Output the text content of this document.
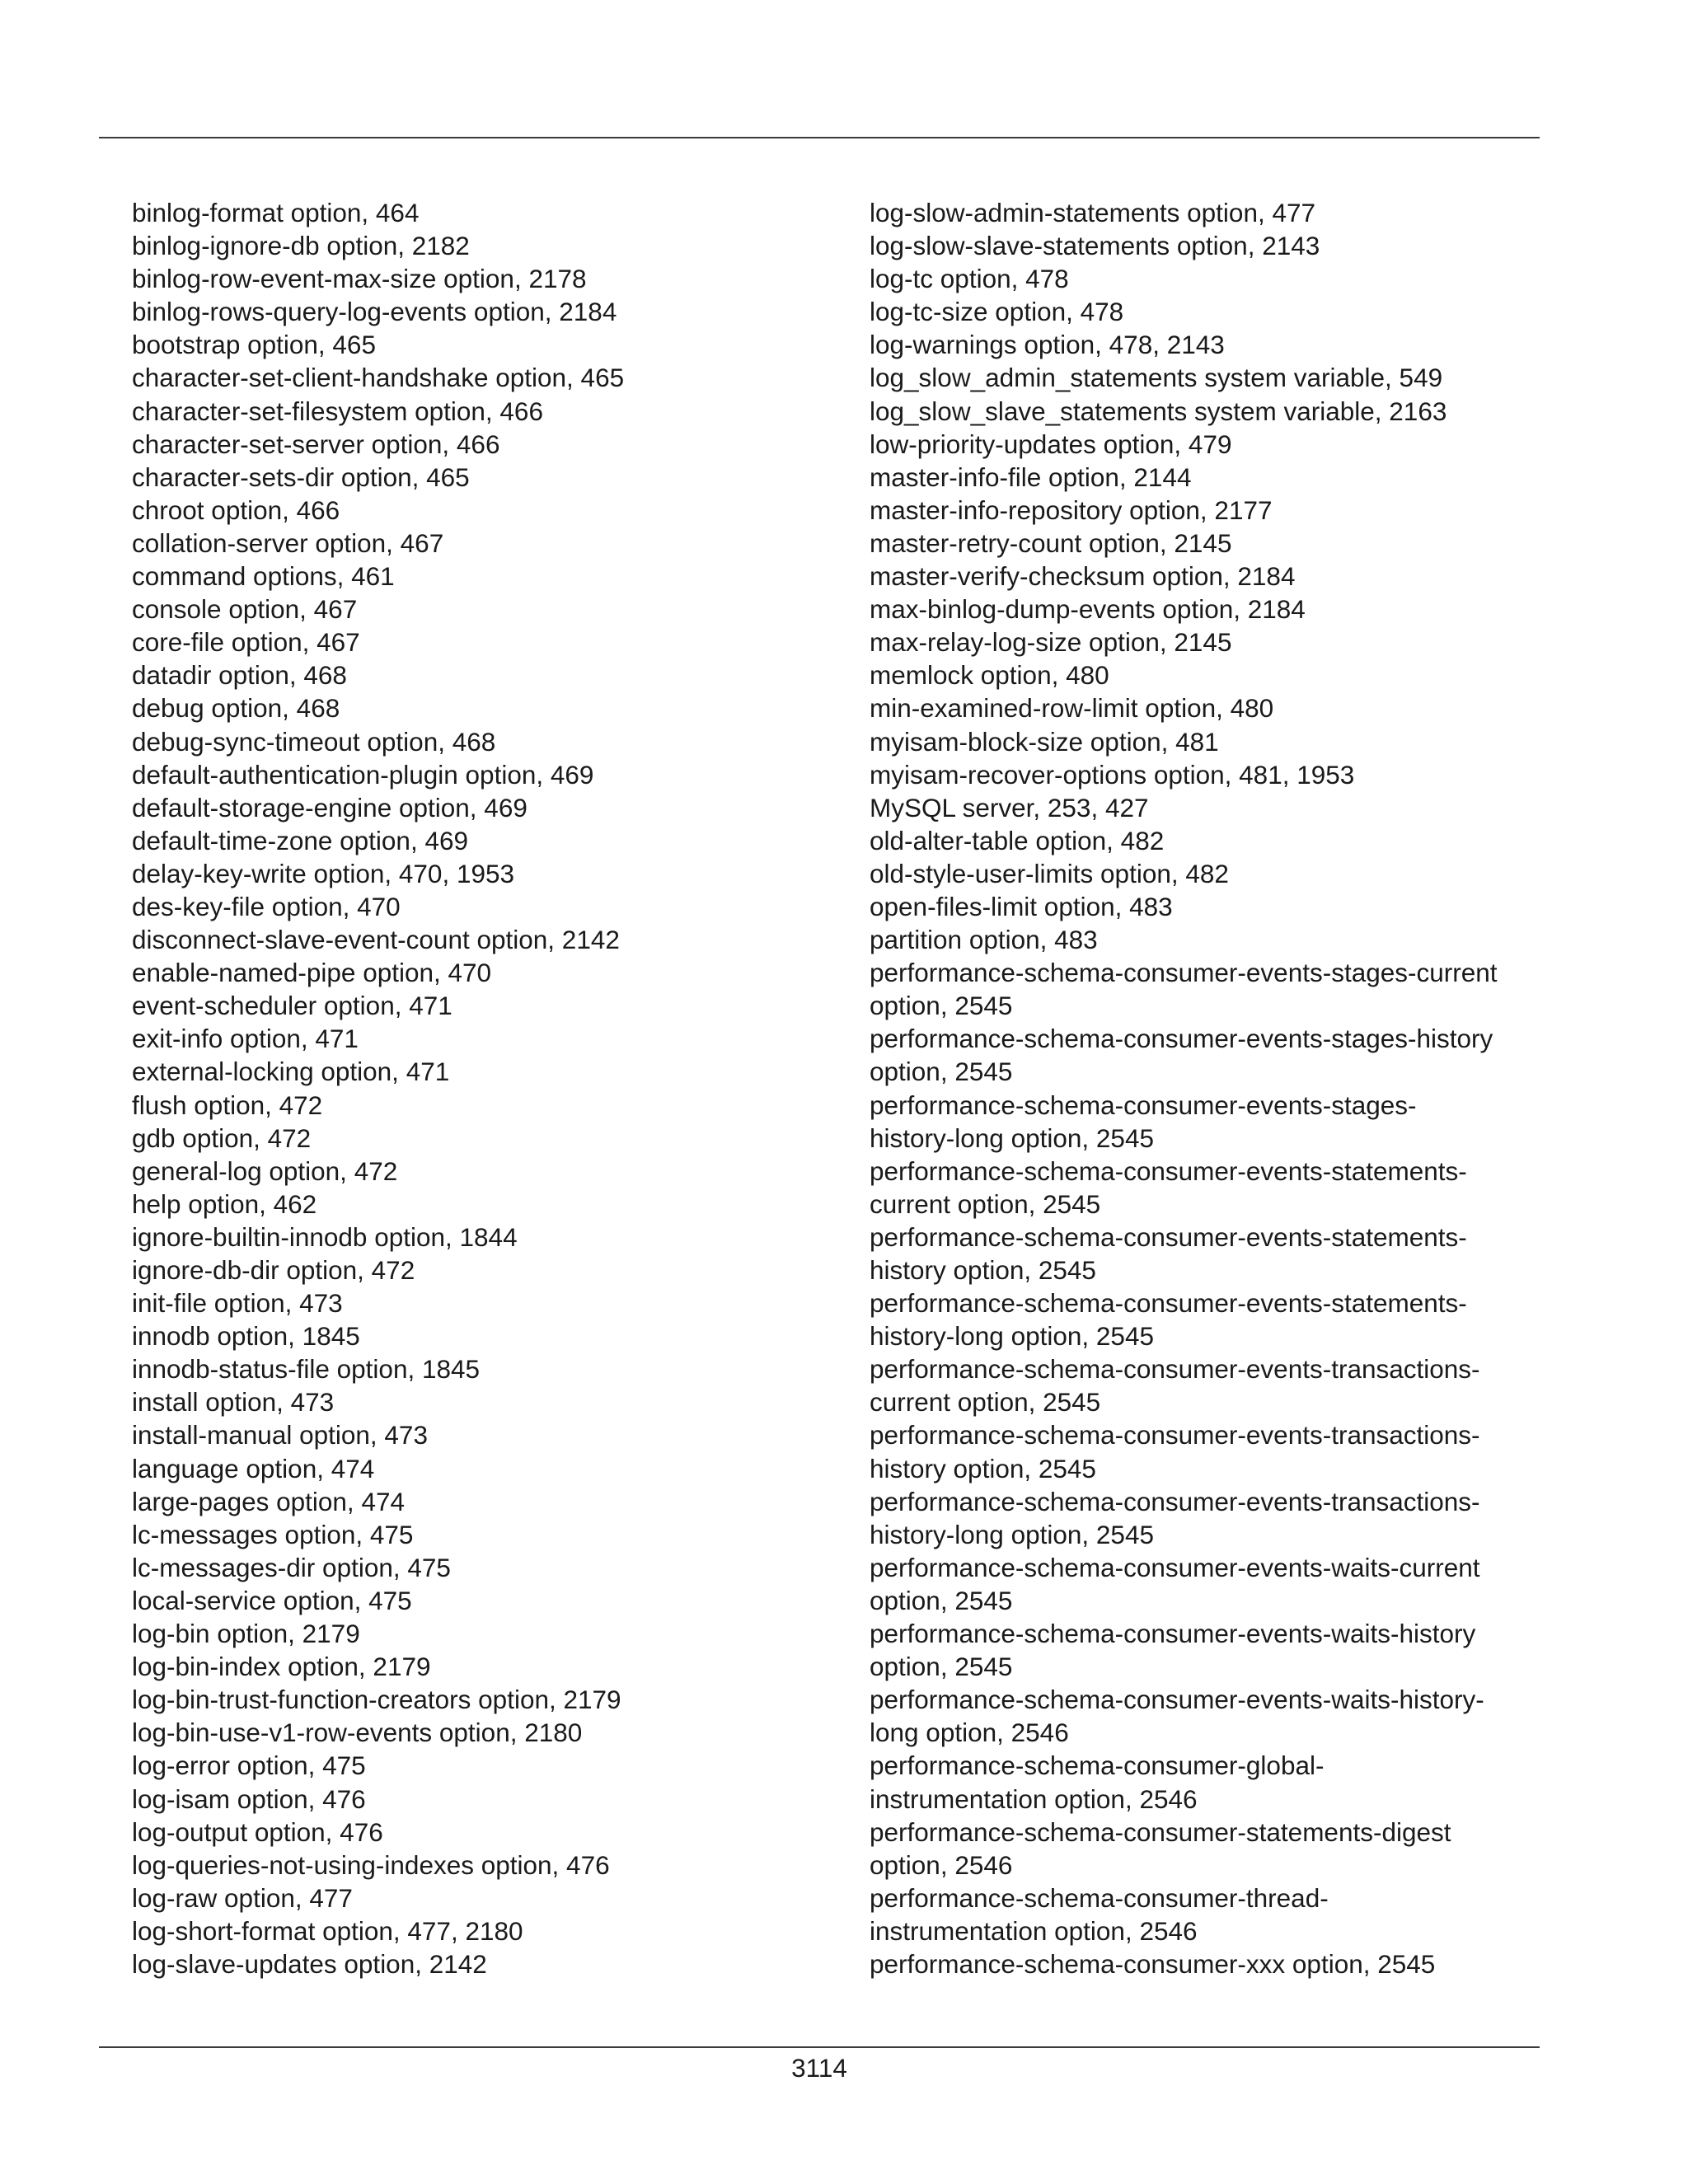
binlog-format option, 464
binlog-ignore-db option, 2182
binlog-row-event-max-size option, 2178
binlog-rows-query-log-events option, 2184
bootstrap option, 465
character-set-client-handshake option, 465
character-set-filesystem option, 466
character-set-server option, 466
character-sets-dir option, 465
chroot option, 466
collation-server option, 467
command options, 461
console option, 467
core-file option, 467
datadir option, 468
debug option, 468
debug-sync-timeout option, 468
default-authentication-plugin option, 469
default-storage-engine option, 469
default-time-zone option, 469
delay-key-write option, 470, 1953
des-key-file option, 470
disconnect-slave-event-count option, 2142
enable-named-pipe option, 470
event-scheduler option, 471
exit-info option, 471
external-locking option, 471
flush option, 472
gdb option, 472
general-log option, 472
help option, 462
ignore-builtin-innodb option, 1844
ignore-db-dir option, 472
init-file option, 473
innodb option, 1845
innodb-status-file option, 1845
install option, 473
install-manual option, 473
language option, 474
large-pages option, 474
lc-messages option, 475
lc-messages-dir option, 475
local-service option, 475
log-bin option, 2179
log-bin-index option, 2179
log-bin-trust-function-creators option, 2179
log-bin-use-v1-row-events option, 2180
log-error option, 475
log-isam option, 476
log-output option, 476
log-queries-not-using-indexes option, 476
log-raw option, 477
log-short-format option, 477, 2180
log-slave-updates option, 2142
log-slow-admin-statements option, 477
log-slow-slave-statements option, 2143
log-tc option, 478
log-tc-size option, 478
log-warnings option, 478, 2143
log_slow_admin_statements system variable, 549
log_slow_slave_statements system variable, 2163
low-priority-updates option, 479
master-info-file option, 2144
master-info-repository option, 2177
master-retry-count option, 2145
master-verify-checksum option, 2184
max-binlog-dump-events option, 2184
max-relay-log-size option, 2145
memlock option, 480
min-examined-row-limit option, 480
myisam-block-size option, 481
myisam-recover-options option, 481, 1953
MySQL server, 253, 427
old-alter-table option, 482
old-style-user-limits option, 482
open-files-limit option, 483
partition option, 483
performance-schema-consumer-events-stages-current
option, 2545
performance-schema-consumer-events-stages-history
option, 2545
performance-schema-consumer-events-stages-
history-long option, 2545
performance-schema-consumer-events-statements-
current option, 2545
performance-schema-consumer-events-statements-
history option, 2545
performance-schema-consumer-events-statements-
history-long option, 2545
performance-schema-consumer-events-transactions-
current option, 2545
performance-schema-consumer-events-transactions-
history option, 2545
performance-schema-consumer-events-transactions-
history-long option, 2545
performance-schema-consumer-events-waits-current
option, 2545
performance-schema-consumer-events-waits-history
option, 2545
performance-schema-consumer-events-waits-history-
long option, 2546
performance-schema-consumer-global-
instrumentation option, 2546
performance-schema-consumer-statements-digest
option, 2546
performance-schema-consumer-thread-
instrumentation option, 2546
performance-schema-consumer-xxx option, 2545
3114
